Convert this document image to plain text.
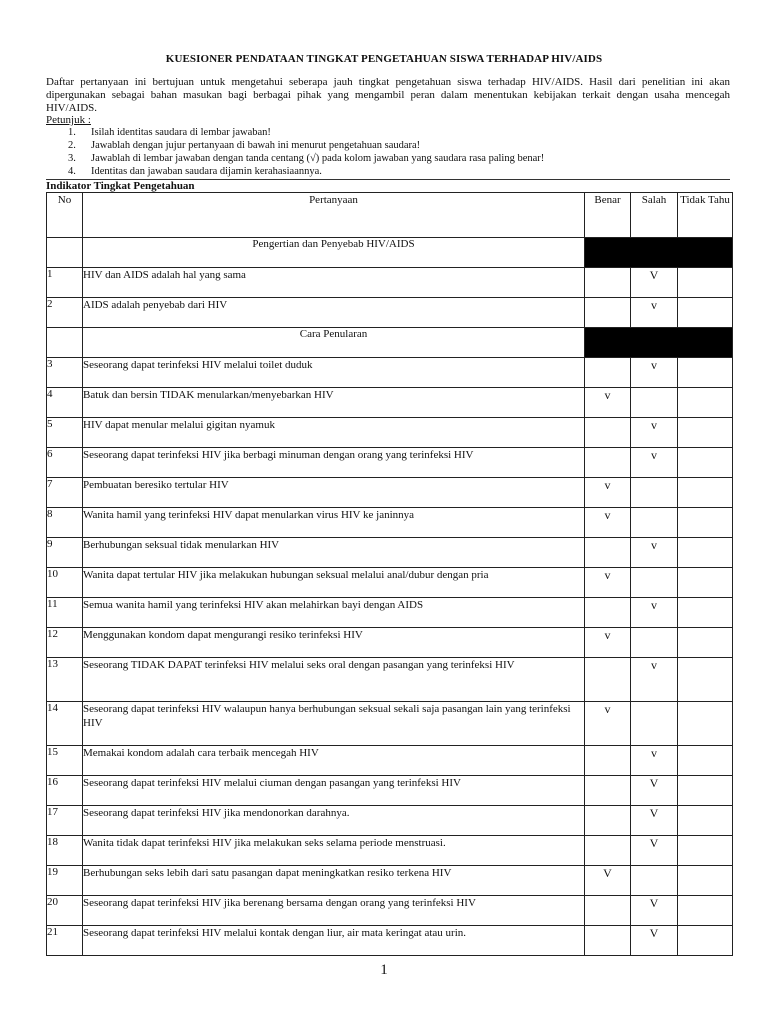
KUESIONER PENDATAAN TINGKAT PENGETAHUAN SISWA TERHADAP HIV/AIDS
Daftar pertanyaan ini bertujuan untuk mengetahui seberapa jauh tingkat pengetahuan siswa terhadap HIV/AIDS. Hasil dari penelitian ini akan dipergunakan sebagai bahan masukan bagi berbagai pihak yang mengambil peran dalam menentukan kebijakan terkait dengan usaha mencegah HIV/AIDS.
Petunjuk :
1. Isilah identitas saudara di lembar jawaban!
2. Jawablah dengan jujur pertanyaan di bawah ini menurut pengetahuan saudara!
3. Jawablah di lembar jawaban dengan tanda centang (√) pada kolom jawaban yang saudara rasa paling benar!
4. Identitas dan jawaban saudara dijamin kerahasiaannya.
Indikator Tingkat Pengetahuan
No	Pertanyaan	Benar	Salah	Tidak Tahu
	Pengertian dan Penyebab HIV/AIDS			
1	HIV dan AIDS adalah hal yang sama		V	
2	AIDS adalah penyebab dari HIV		v	
	Cara Penularan			
3	Seseorang dapat terinfeksi HIV melalui toilet duduk		v	
4	Batuk dan bersin TIDAK menularkan/menyebarkan HIV	v		
5	HIV dapat menular melalui gigitan nyamuk		v	
6	Seseorang dapat terinfeksi HIV jika berbagi minuman dengan orang yang terinfeksi HIV		v	
7	Pembuatan beresiko tertular HIV	v		
8	Wanita hamil yang terinfeksi HIV dapat menularkan virus HIV ke janinnya	v		
9	Berhubungan seksual tidak menularkan HIV		v	
10	Wanita dapat tertular HIV jika melakukan hubungan seksual melalui anal/dubur dengan pria	v		
11	Semua wanita hamil yang terinfeksi HIV akan melahirkan bayi dengan AIDS		v	
12	Menggunakan kondom dapat mengurangi resiko terinfeksi HIV	v		
13	Seseorang TIDAK DAPAT terinfeksi HIV melalui seks oral dengan pasangan yang terinfeksi HIV		v	
14	Seseorang dapat terinfeksi HIV walaupun hanya berhubungan seksual sekali saja pasangan lain yang terinfeksi HIV	v		
15	Memakai kondom adalah cara terbaik mencegah HIV		v	
16	Seseorang dapat terinfeksi HIV melalui ciuman dengan pasangan yang terinfeksi HIV		V	
17	Seseorang dapat terinfeksi HIV jika mendonorkan darahnya.		V	
18	Wanita tidak dapat terinfeksi HIV jika melakukan seks selama periode menstruasi.		V	
19	Berhubungan seks lebih dari satu pasangan dapat meningkatkan resiko terkena HIV	V		
20	Seseorang dapat terinfeksi HIV jika berenang bersama dengan orang yang terinfeksi HIV		V	
21	Seseorang dapat terinfeksi HIV melalui kontak dengan liur, air mata keringat atau urin.		V	
1
